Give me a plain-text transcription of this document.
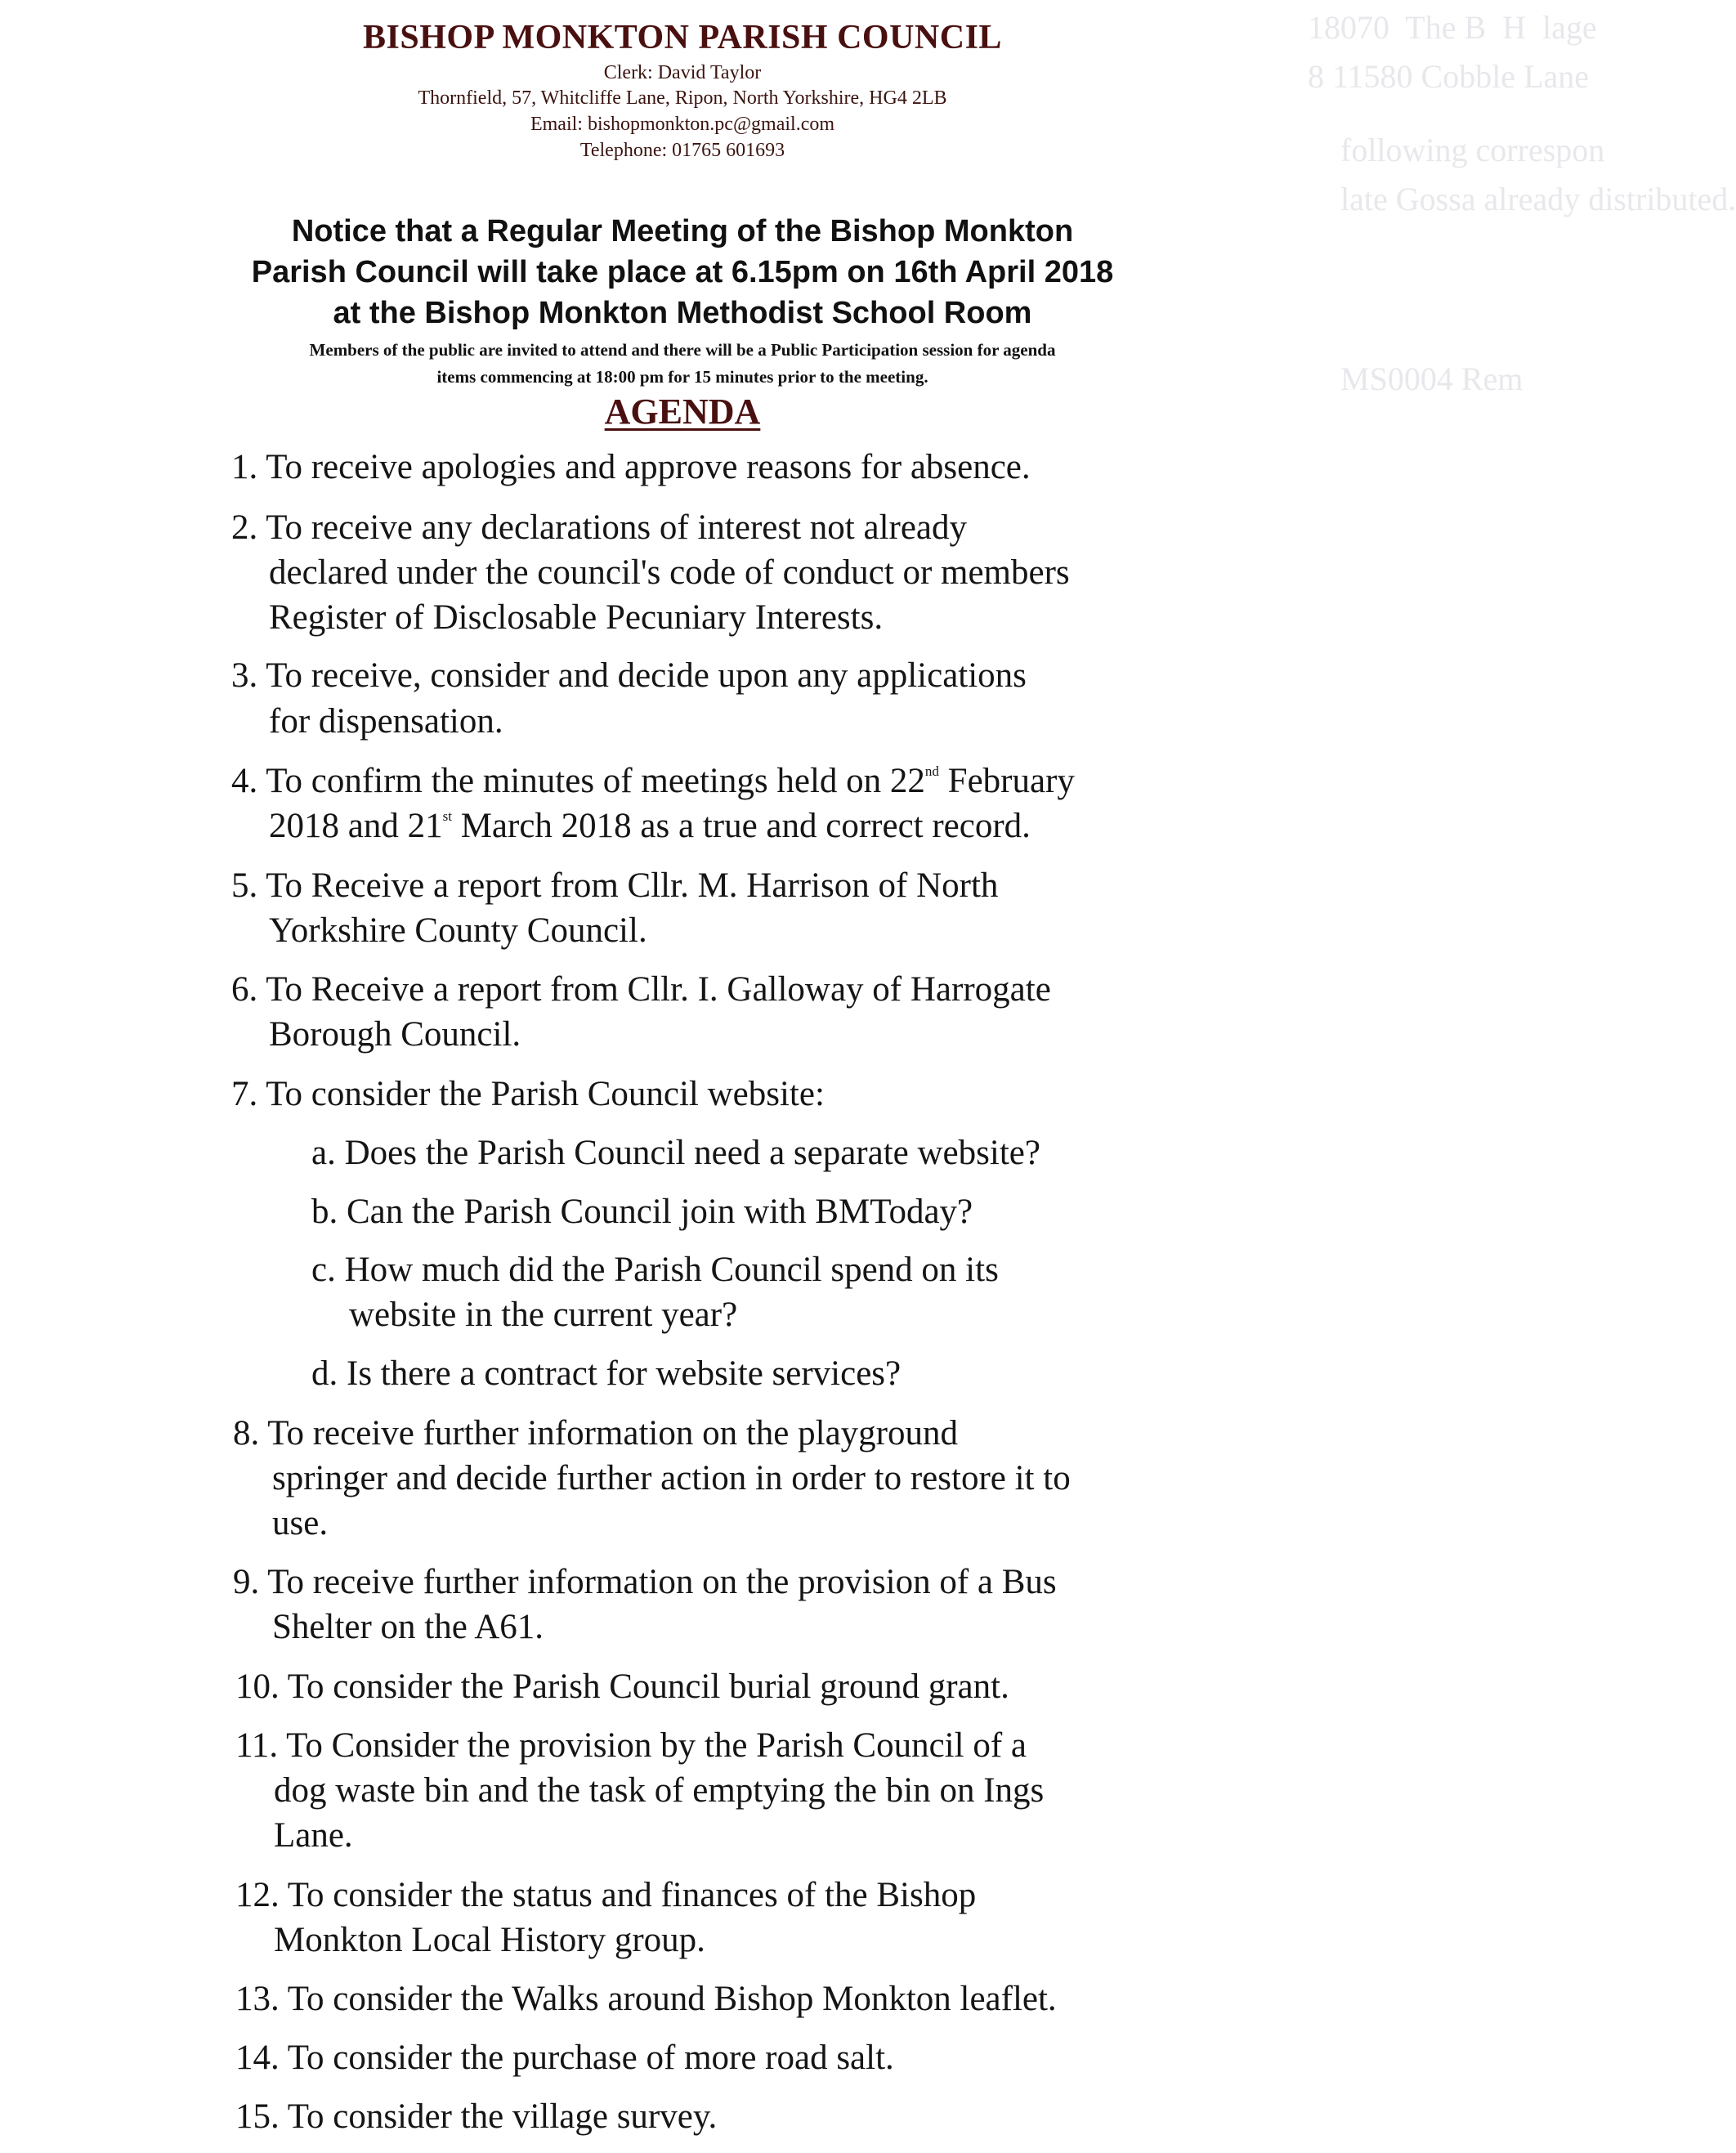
18070  The B  H  lage
8 11580 Cobble Lane
following correspon
late Gossa already distributed.
MS0004 Rem
BISHOP MONKTON PARISH COUNCIL
Clerk: David Taylor
Thornfield, 57, Whitcliffe Lane, Ripon, North Yorkshire, HG4 2LB
Email: bishopmonkton.pc@gmail.com
Telephone: 01765 601693
Notice that a Regular Meeting of the Bishop Monkton
Parish Council will take place at 6.15pm on 16th April 2018
at the Bishop Monkton Methodist School Room
Members of the public are invited to attend and there will be a Public Participation session for agenda
items commencing at 18:00 pm for 15 minutes prior to the meeting.
AGENDA
1. To receive apologies and approve reasons for absence.
2. To receive any declarations of interest not already
declared under the council's code of conduct or members
Register of Disclosable Pecuniary Interests.
3. To receive, consider and decide upon any applications
for dispensation.
4. To confirm the minutes of meetings held on 22nd February
2018 and 21st March 2018 as a true and correct record.
5. To Receive a report from Cllr. M. Harrison of North
Yorkshire County Council.
6. To Receive a report from Cllr. I. Galloway of Harrogate
Borough Council.
7. To consider the Parish Council website:
a. Does the Parish Council need a separate website?
b. Can the Parish Council join with BMToday?
c. How much did the Parish Council spend on its
website in the current year?
d. Is there a contract for website services?
8. To receive further information on the playground
springer and decide further action in order to restore it to
use.
9. To receive further information on the provision of a Bus
Shelter on the A61.
10. To consider the Parish Council burial ground grant.
11. To Consider the provision by the Parish Council of a
dog waste bin and the task of emptying the bin on Ings
Lane.
12. To consider the status and finances of the Bishop
Monkton Local History group.
13. To consider the Walks around Bishop Monkton leaflet.
14. To consider the purchase of more road salt.
15. To consider the village survey.
